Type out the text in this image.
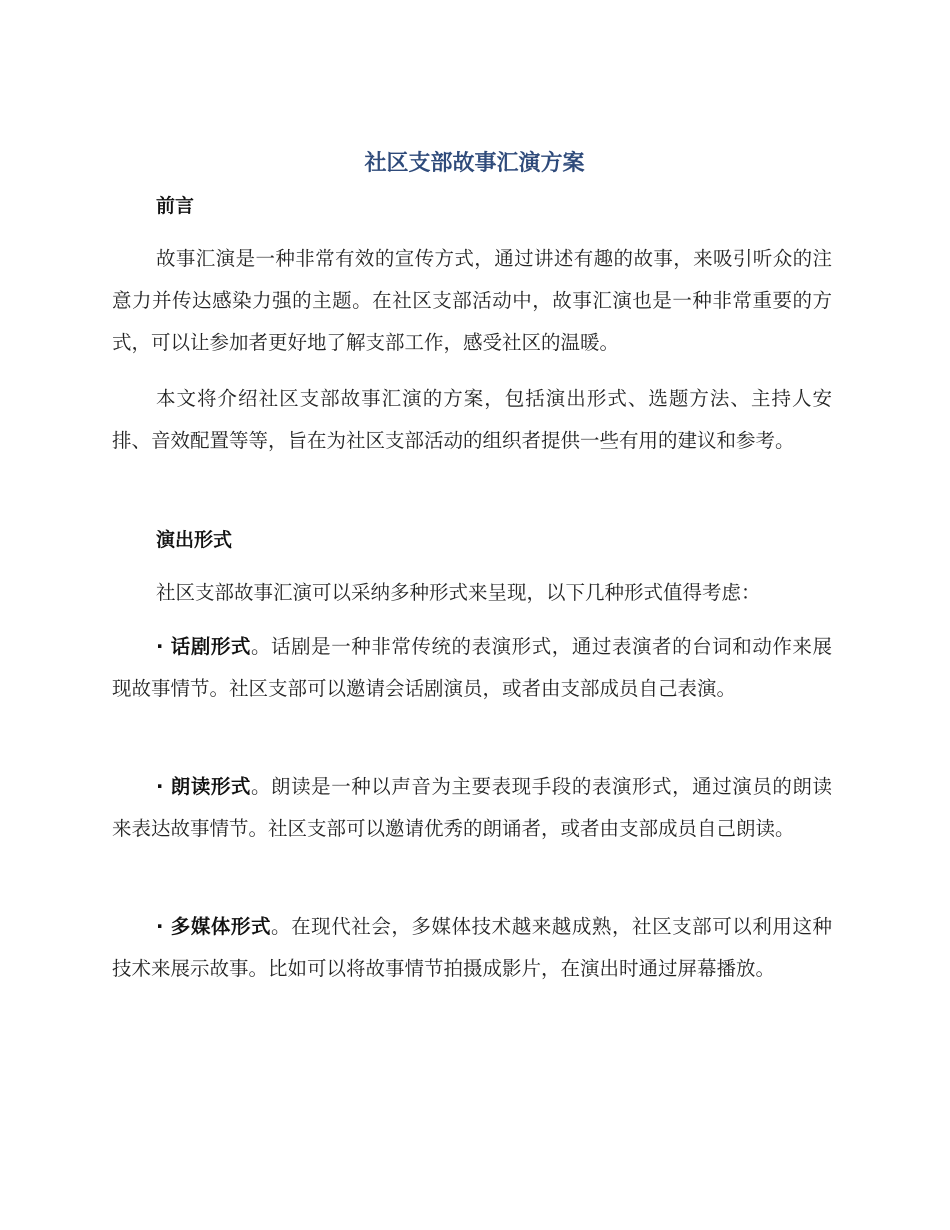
社区支部故事汇演方案
前言

故事汇演是一种非常有效的宣传方式，通过讲述有趣的故事，来吸引听众的注意力并传达感染力强的主题。在社区支部活动中，故事汇演也是一种非常重要的方式，可以让参加者更好地了解支部工作，感受社区的温暖。

本文将介绍社区支部故事汇演的方案，包括演出形式、选题方法、主持人安排、音效配置等等，旨在为社区支部活动的组织者提供一些有用的建议和参考。

演出形式

社区支部故事汇演可以采纳多种形式来呈现，以下几种形式值得考虑：

· 话剧形式。话剧是一种非常传统的表演形式，通过表演者的台词和动作来展现故事情节。社区支部可以邀请会话剧演员，或者由支部成员自己表演。

· 朗读形式。朗读是一种以声音为主要表现手段的表演形式，通过演员的朗读来表达故事情节。社区支部可以邀请优秀的朗诵者，或者由支部成员自己朗读。

· 多媒体形式。在现代社会，多媒体技术越来越成熟，社区支部可以利用这种技术来展示故事。比如可以将故事情节拍摄成影片，在演出时通过屏幕播放。
